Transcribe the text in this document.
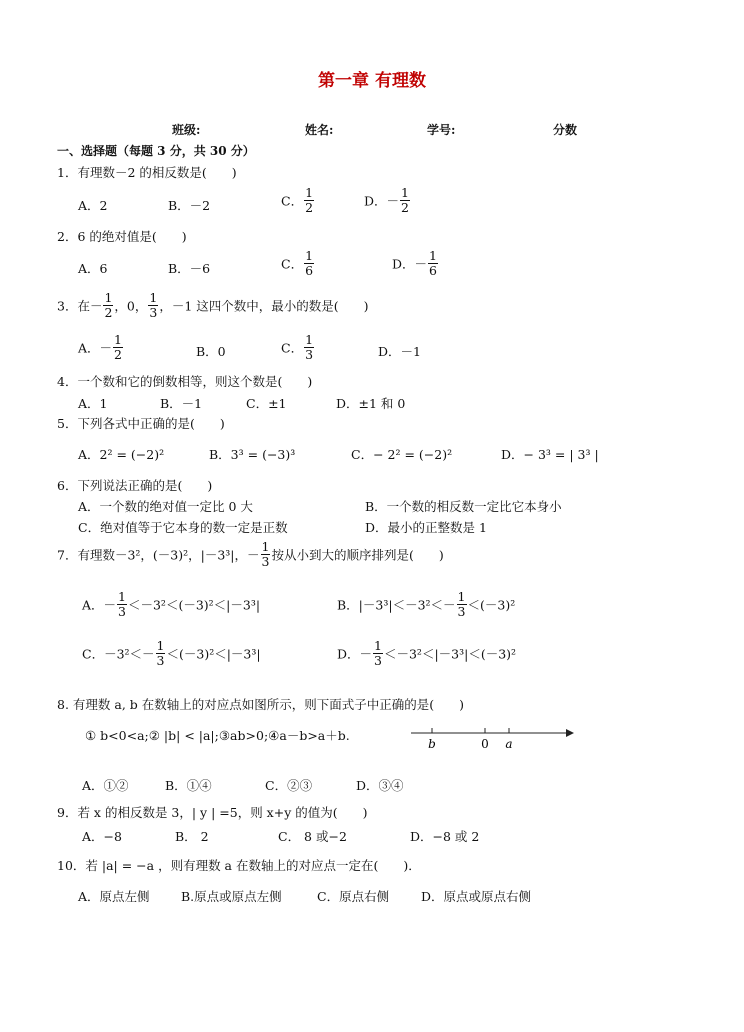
第一章 有理数
班级:	姓名:	学号:	分数
一、选择题（每题 3 分，共 30 分）
1．有理数－2 的相反数是(　　)
A．2	B．－2	C． $\frac{1}{2}$	D．－ $\frac{1}{2}$
2．6 的绝对值是(　　)
A．6	B．－6	C． $\frac{1}{6}$	D．－ $\frac{1}{6}$
3．在－ $\frac{1}{2}$ ，0， $\frac{1}{3}$ ，－1 这四个数中，最小的数是(　　)
A．－ $\frac{1}{2}$	B．0	C． $\frac{1}{3}$	D．－1
4．一个数和它的倒数相等，则这个数是(　　)
A．1	B．－1	C．±1	D．±1 和 0
5．下列各式中正确的是(　　)
A．2² = (−2)²	B．3³ = (−3)³	C．− 2² = (−2)²	D．− 3³ = | 3³ |
6．下列说法正确的是(　　)
A．一个数的绝对值一定比 0 大	B．一个数的相反数一定比它本身小
C．绝对值等于它本身的数一定是正数	D．最小的正整数是 1
7．有理数－3²，(－3)²，|－3³|，－ $\frac{1}{3}$ 按从小到大的顺序排列是(　　)
A．－ $\frac{1}{3} <-3^2<(-3)^2<|-3^3|$	B．$|-3^3|<-3^2<- \frac{1}{3} <(-3)^2$
C．$-3^2<- \frac{1}{3} <(-3)^2<|-3^3|$	D．－ $\frac{1}{3} <-3^2<|-3^3|<(-3)^2$
8. 有理数 a, b 在数轴上的对应点如图所示，则下面式子中正确的是(　　)
① b<0<a;② |b| < |a|;③ab>0;④a－b>a＋b.
b	0 a
A．①②	B．①④	C．②③	D．③④
9．若 x 的相反数是 3，| y | =5，则 x+y 的值为(　　)
A．−8	B． 2	C． 8 或−2	D．−8 或 2
10．若 |a| = −a ，则有理数 a 在数轴上的对应点一定在(　　)．
A．原点左侧	B.原点或原点左侧	C．原点右侧	D．原点或原点右侧
